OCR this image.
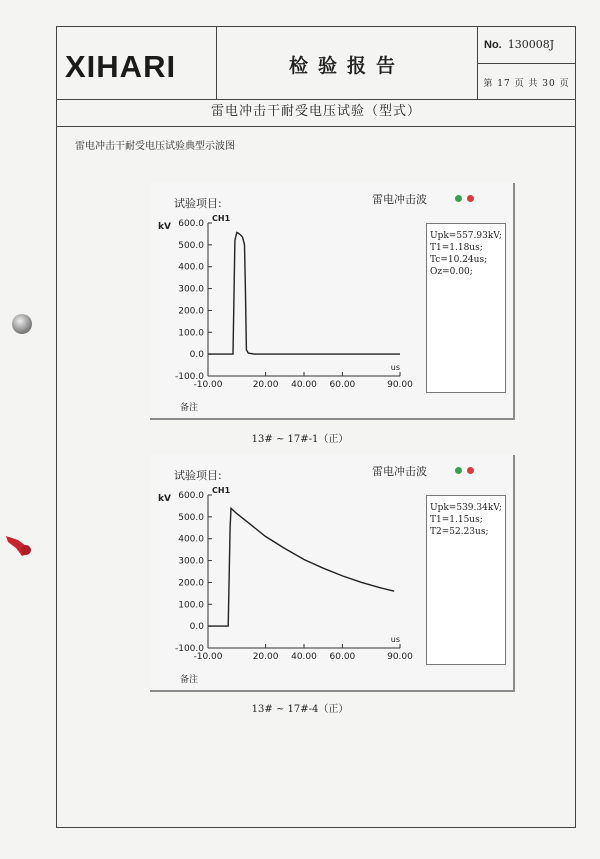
XIHARI	检验报告
No. 130008J
第 17 页 共 30 页
雷电冲击干耐受电压试验（型式）
雷电冲击干耐受电压试验典型示波图
试验项目:	雷电冲击波
600.0
500.0
400.0
300.0
200.0
100.0
0.0
-100.0
-10.00	20.00 40.00 60.00	90.00
kV
CH1
us
Upk=557.93kV;
T1=1.18us;
Tc=10.24us;
Oz=0.00;
备注
13# ~ 17#-1（正）
试验项目:	雷电冲击波
600.0
500.0
400.0
300.0
200.0
100.0
0.0
-100.0
-10.00	20.00 40.00 60.00	90.00
kV
CH1
us
Upk=539.34kV;
T1=1.15us;
T2=52.23us;
备注
13# ~ 17#-4（正）
